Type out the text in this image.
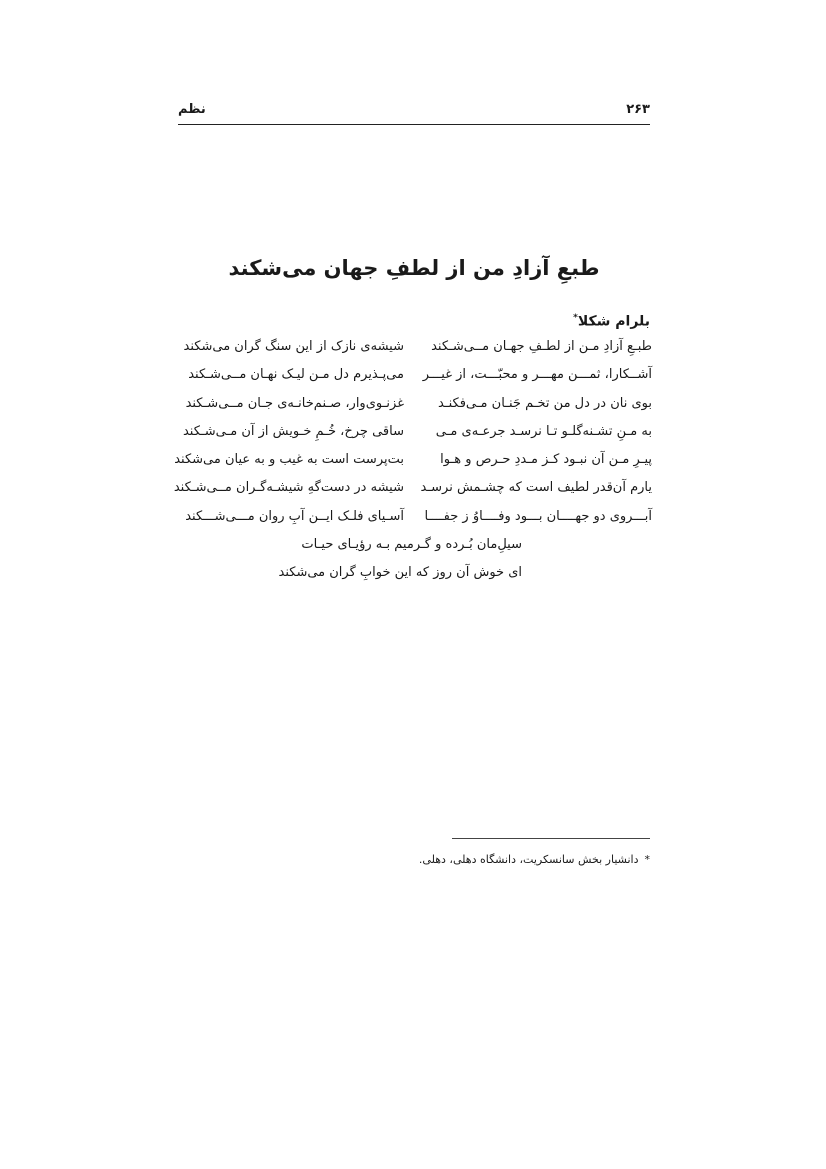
۲۶۳
نظم
طبعِ آزادِ من از لطفِ جهان می‌شکند
بلرام شکلا*
طبـعِ آزادِ مـن از لطـفِ جهـان مــی‌شـکند
شیشه‌ی نازک از این سنگ گران می‌شکند
آشــکارا، ثمـــن مهـــر و محبّـــت، از غیـــر
می‌پـذیرم دل مـن لیـک نهـان مــی‌شـکند
بوی نان در دل من تخـم جَنـان مـی‌فکنـد
غزنـوی‌وار، صـنم‌خانـه‌ی جـان مــی‌شـکند
به مـنِ تشـنه‌گلـو تـا نرسـد جرعـه‌ی مـی
ساقی چرخ، خُـمِ خـویش از آن مـی‌شـکند
پیـرِ مـن آن نبـود کـز مـددِ حـرص و هـوا
بت‌پرست است به غیب و به عیان می‌شکند
یارم آن‌قدر لطیف است که چشـمش نرسـد
شیشه در دست‌گهِ شیشـه‌گـران مــی‌شـکند
آبـــروی دو جهــــان بـــود وفــــاوُ ز جفــــا
آسـیای فلـک ایــن آبِ روان مـــی‌شـــکند
سیلِ‌مان بُـرده و گـرمیم بـه رؤیـای حیـات
ای خوش آن روز که این خوابِ گران می‌شکند
*دانشیار بخش سانسکریت، دانشگاه دهلی، دهلی.
